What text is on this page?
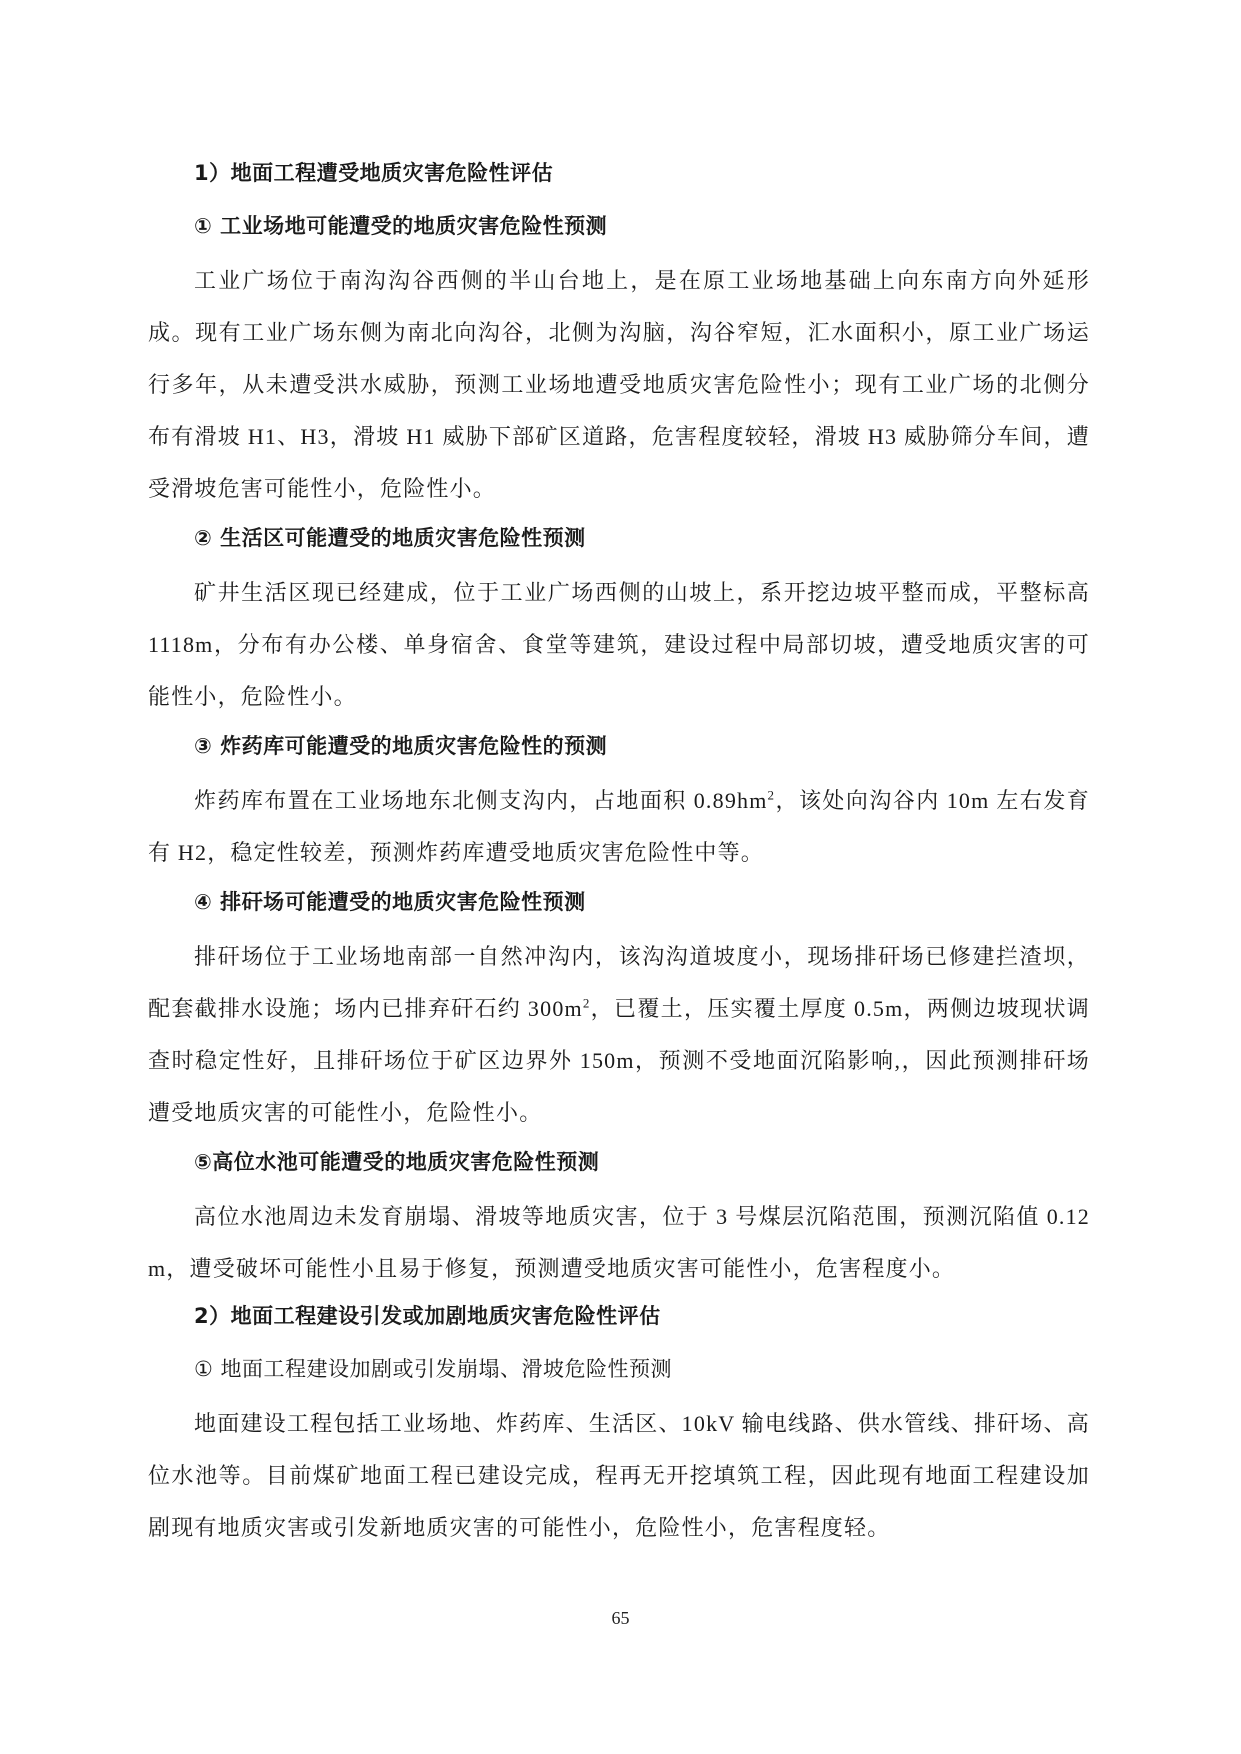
1）地面工程遭受地质灾害危险性评估

① 工业场地可能遭受的地质灾害危险性预测

工业广场位于南沟沟谷西侧的半山台地上，是在原工业场地基础上向东南方向外延形成。现有工业广场东侧为南北向沟谷，北侧为沟脑，沟谷窄短，汇水面积小，原工业广场运行多年，从未遭受洪水威胁，预测工业场地遭受地质灾害危险性小；现有工业广场的北侧分布有滑坡 H1、H3，滑坡 H1 威胁下部矿区道路，危害程度较轻，滑坡 H3 威胁筛分车间，遭受滑坡危害可能性小，危险性小。

② 生活区可能遭受的地质灾害危险性预测

矿井生活区现已经建成，位于工业广场西侧的山坡上，系开挖边坡平整而成，平整标高 1118m，分布有办公楼、单身宿舍、食堂等建筑，建设过程中局部切坡，遭受地质灾害的可能性小，危险性小。

③ 炸药库可能遭受的地质灾害危险性的预测

炸药库布置在工业场地东北侧支沟内，占地面积 $0.89hm^2$，该处向沟谷内 10m 左右发育有 H2，稳定性较差，预测炸药库遭受地质灾害危险性中等。

④ 排矸场可能遭受的地质灾害危险性预测

排矸场位于工业场地南部一自然冲沟内，该沟沟道坡度小，现场排矸场已修建拦渣坝，配套截排水设施；场内已排弃矸石约 $300m^2$，已覆土，压实覆土厚度 0.5m，两侧边坡现状调查时稳定性好，且排矸场位于矿区边界外 150m，预测不受地面沉陷影响,，因此预测排矸场遭受地质灾害的可能性小，危险性小。

⑤高位水池可能遭受的地质灾害危险性预测

高位水池周边未发育崩塌、滑坡等地质灾害，位于 3 号煤层沉陷范围，预测沉陷值 0.12m，遭受破坏可能性小且易于修复，预测遭受地质灾害可能性小，危害程度小。

2）地面工程建设引发或加剧地质灾害危险性评估

① 地面工程建设加剧或引发崩塌、滑坡危险性预测

地面建设工程包括工业场地、炸药库、生活区、10kV 输电线路、供水管线、排矸场、高位水池等。目前煤矿地面工程已建设完成，程再无开挖填筑工程，因此现有地面工程建设加剧现有地质灾害或引发新地质灾害的可能性小，危险性小，危害程度轻。

65
